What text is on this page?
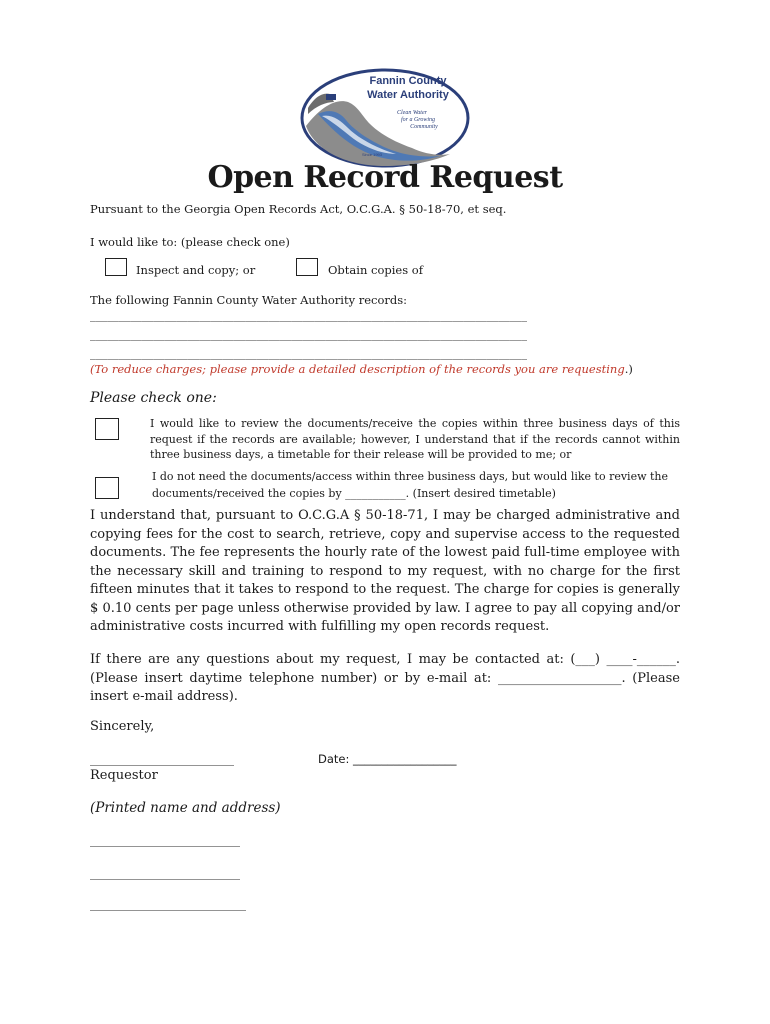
Fannin County
Water Authority
Clean Water
for a Growing
Community
Since 1993
Open Record Request
Pursuant to the Georgia Open Records Act, O.C.G.A. § 50-18-70, et seq.
I would like to: (please check one)
Inspect and copy; or	Obtain copies of
The following Fannin County Water Authority records:
____________________________________________________________________________
____________________________________________________________________________
____________________________________________________________________________
(To reduce charges; please provide a detailed description of the records you are requesting.)
Please check one:
I would like to review the documents/receive the copies within three business days of this request if the records are available; however, I understand that if the records cannot within three business days, a timetable for their release will be provided to me; or
I do not need the documents/access within three business days, but would like to review the
documents/received the copies by ___________. (Insert desired timetable)
I understand that, pursuant to O.C.G.A § 50-18-71, I may be charged administrative and copying fees for the cost to search, retrieve, copy and supervise access to the requested documents. The fee represents the hourly rate of the lowest paid full-time employee with the necessary skill and training to respond to my request, with no charge for the first fifteen minutes that it takes to respond to the request. The charge for copies is generally $ 0.10 cents per page unless otherwise provided by law. I agree to pay all copying and/or administrative costs incurred with fulfilling my open records request.
If there are any questions about my request, I may be contacted at: (___) ____-______. (Please insert daytime telephone number) or by e-mail at: ___________________. (Please insert e-mail address).
Sincerely,
________________________	Date: __________________
Requestor
(Printed name and address)
_________________________
_________________________
__________________________
